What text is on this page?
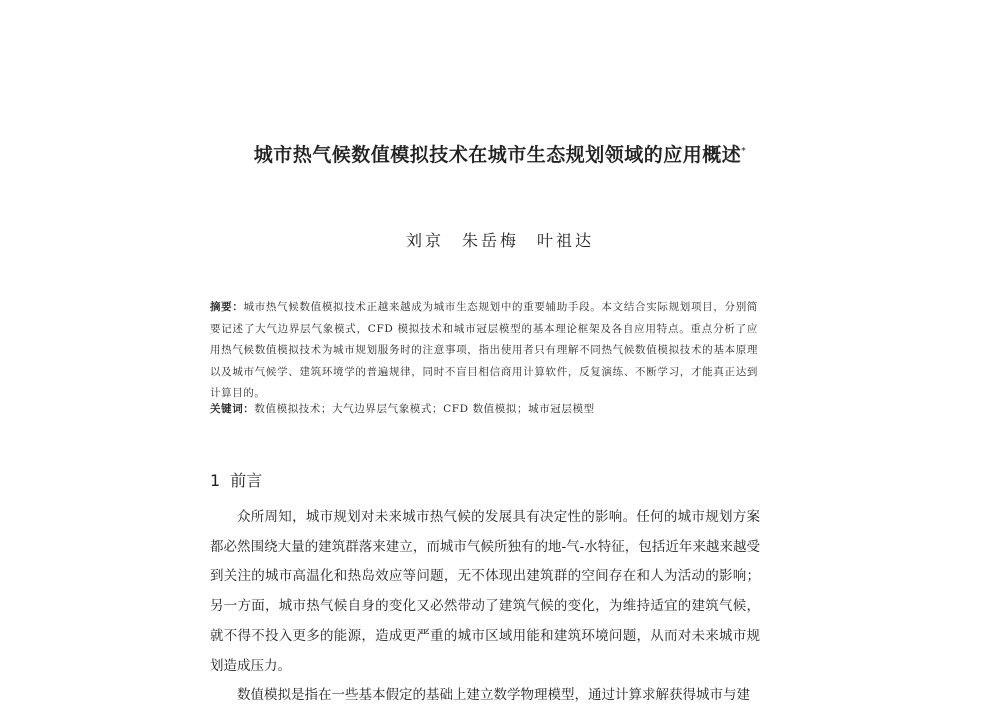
城市热气候数值模拟技术在城市生态规划领域的应用概述*
刘京 朱岳梅 叶祖达
摘要：城市热气候数值模拟技术正越来越成为城市生态规划中的重要辅助手段。本文结合实际规划项目，分别简要记述了大气边界层气象模式，CFD 模拟技术和城市冠层模型的基本理论框架及各自应用特点。重点分析了应用热气候数值模拟技术为城市规划服务时的注意事项，指出使用者只有理解不同热气候数值模拟技术的基本原理以及城市气候学、建筑环境学的普遍规律，同时不盲目相信商用计算软件，反复演练、不断学习，才能真正达到计算目的。
关键词：数值模拟技术；大气边界层气象模式；CFD 数值模拟；城市冠层模型
1 前言

众所周知，城市规划对未来城市热气候的发展具有决定性的影响。任何的城市规划方案都必然围绕大量的建筑群落来建立，而城市气候所独有的地-气-水特征，包括近年来越来越受到关注的城市高温化和热岛效应等问题，无不体现出建筑群的空间存在和人为活动的影响；另一方面，城市热气候自身的变化又必然带动了建筑气候的变化，为维持适宜的建筑气候，就不得不投入更多的能源，造成更严重的城市区域用能和建筑环境问题，从而对未来城市规划造成压力。

数值模拟是指在一些基本假定的基础上建立数学物理模型，通过计算求解获得城市与建
